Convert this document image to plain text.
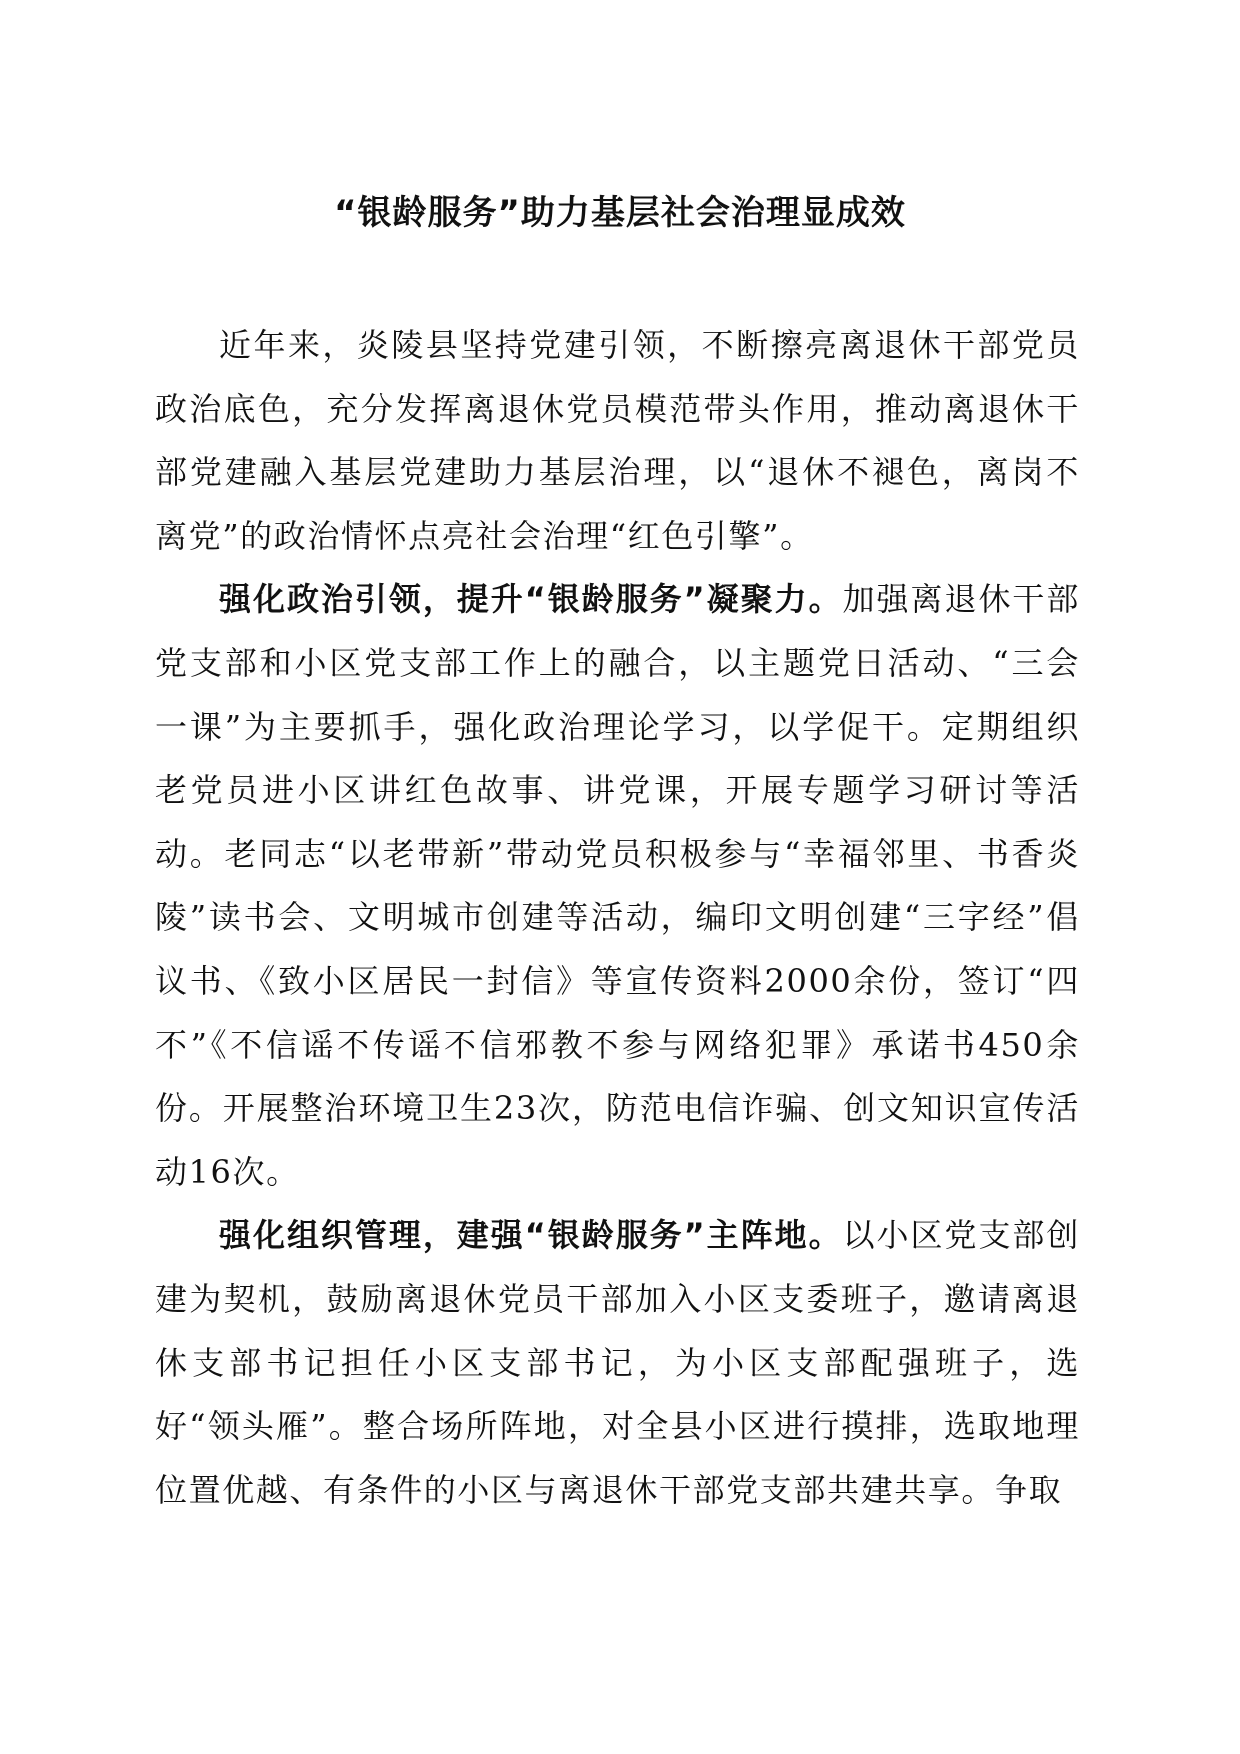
“银龄服务”助力基层社会治理显成效

近年来，炎陵县坚持党建引领，不断擦亮离退休干部党员政治底色，充分发挥离退休党员模范带头作用，推动离退休干部党建融入基层党建助力基层治理，以“退休不褪色，离岗不离党”的政治情怀点亮社会治理“红色引擎”。

强化政治引领，提升“银龄服务”凝聚力。加强离退休干部党支部和小区党支部工作上的融合，以主题党日活动、“三会一课”为主要抓手，强化政治理论学习，以学促干。定期组织老党员进小区讲红色故事、讲党课，开展专题学习研讨等活动。老同志“以老带新”带动党员积极参与“幸福邻里、书香炎陵”读书会、文明城市创建等活动，编印文明创建“三字经”倡议书、《致小区居民一封信》等宣传资料2000余份，签订“四不”《不信谣不传谣不信邪教不参与网络犯罪》承诺书450余份。开展整治环境卫生23次，防范电信诈骗、创文知识宣传活动16次。

强化组织管理，建强“银龄服务”主阵地。以小区党支部创建为契机，鼓励离退休党员干部加入小区支委班子，邀请离退休支部书记担任小区支部书记，为小区支部配强班子，选好“领头雁”。整合场所阵地，对全县小区进行摸排，选取地理位置优越、有条件的小区与离退休干部党支部共建共享。争取
